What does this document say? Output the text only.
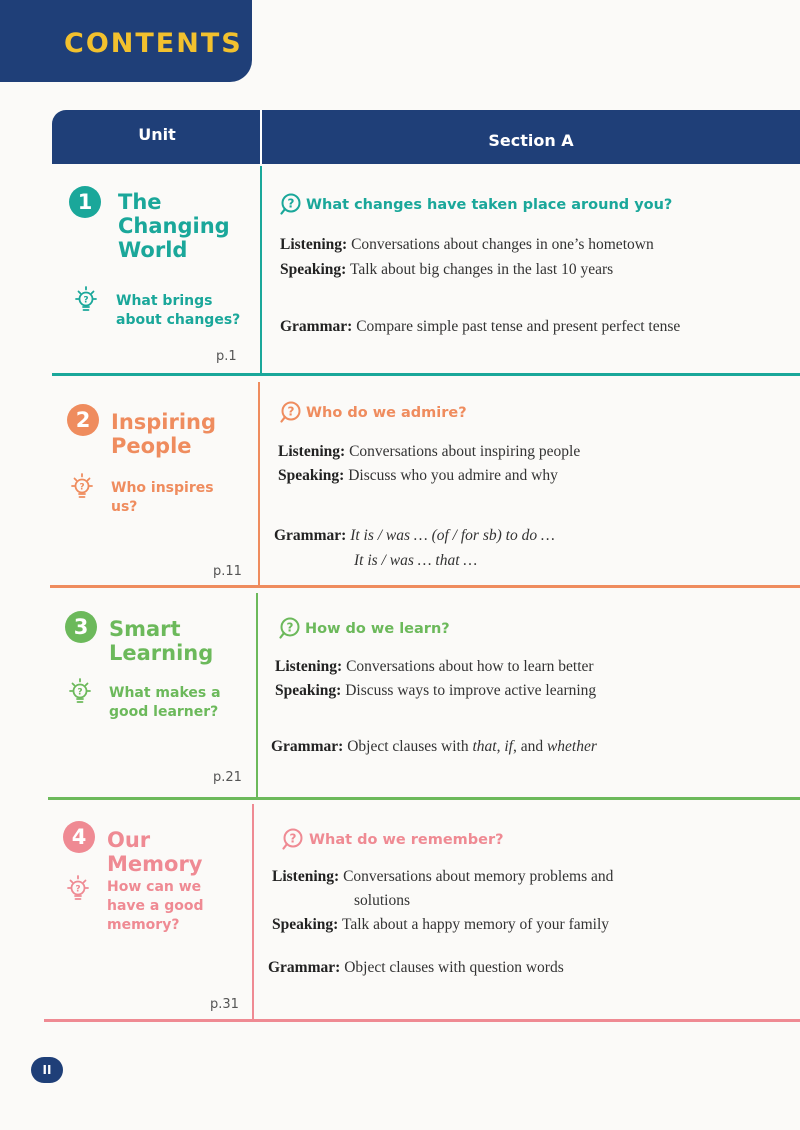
CONTENTS
Unit	Section A
1	The
Changing
World
? What brings
about changes?
p.1
? What changes have taken place around you?
Listening: Conversations about changes in one’s hometown
Speaking: Talk about big changes in the last 10 years
Grammar: Compare simple past tense and present perfect tense
2 Inspiring
People
? Who inspires
us?
p.11
? Who do we admire?
Listening: Conversations about inspiring people
Speaking: Discuss who you admire and why
Grammar: It is / was … (of / for sb) to do …
It is / was … that …
3 Smart
Learning
? What makes a
good learner?
p.21
? How do we learn?
Listening: Conversations about how to learn better
Speaking: Discuss ways to improve active learning
Grammar: Object clauses with that, if, and whether
4 Our Memory
? How can we
have a good
memory?
p.31
? What do we remember?
Listening: Conversations about memory problems and
solutions
Speaking: Talk about a happy memory of your family
Grammar: Object clauses with question words
II
